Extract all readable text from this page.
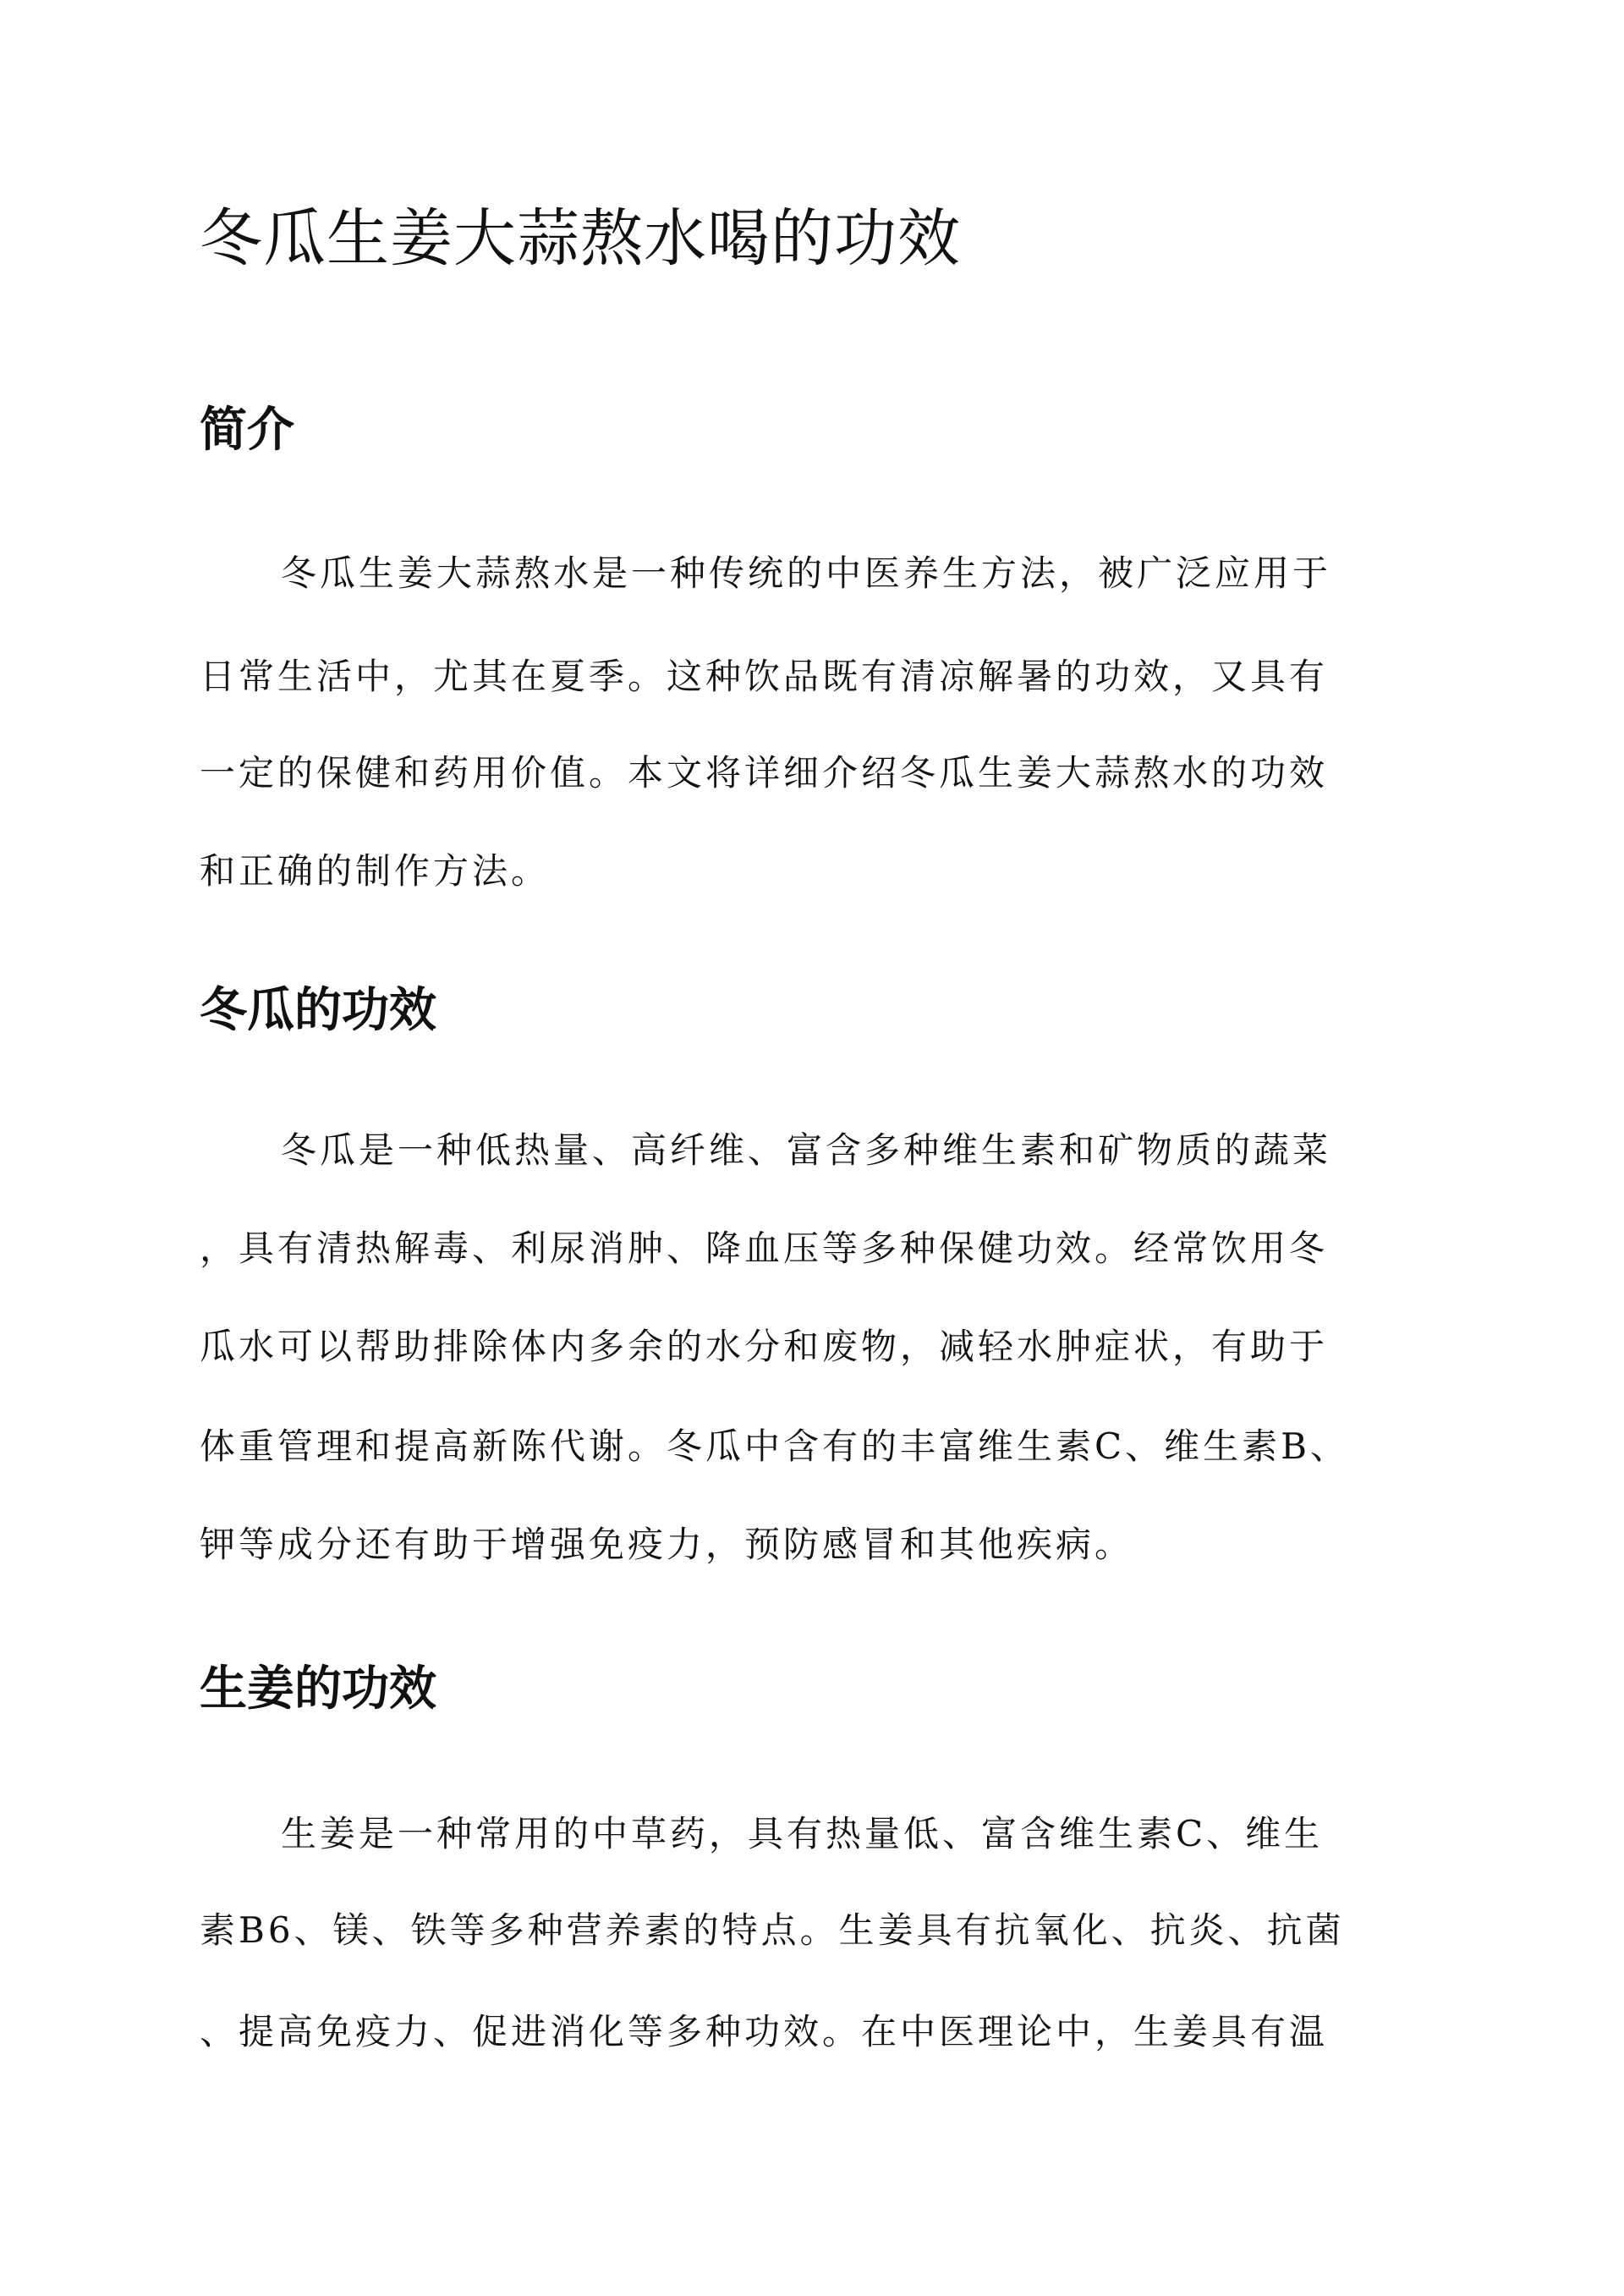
冬瓜生姜大蒜熬水喝的功效
简介

冬瓜生姜大蒜熬水是一种传统的中医养生方法，被广泛应用于

日常生活中，尤其在夏季。这种饮品既有清凉解暑的功效，又具有

一定的保健和药用价值。本文将详细介绍冬瓜生姜大蒜熬水的功效

和正确的制作方法。

冬瓜的功效

冬瓜是一种低热量、高纤维、富含多种维生素和矿物质的蔬菜

，具有清热解毒、利尿消肿、降血压等多种保健功效。经常饮用冬

瓜水可以帮助排除体内多余的水分和废物，减轻水肿症状，有助于

体重管理和提高新陈代谢。冬瓜中含有的丰富维生素C、维生素B、

钾等成分还有助于增强免疫力，预防感冒和其他疾病。

生姜的功效

生姜是一种常用的中草药，具有热量低、富含维生素C、维生

素B6、镁、铁等多种营养素的特点。生姜具有抗氧化、抗炎、抗菌

、提高免疫力、促进消化等多种功效。在中医理论中，生姜具有温
